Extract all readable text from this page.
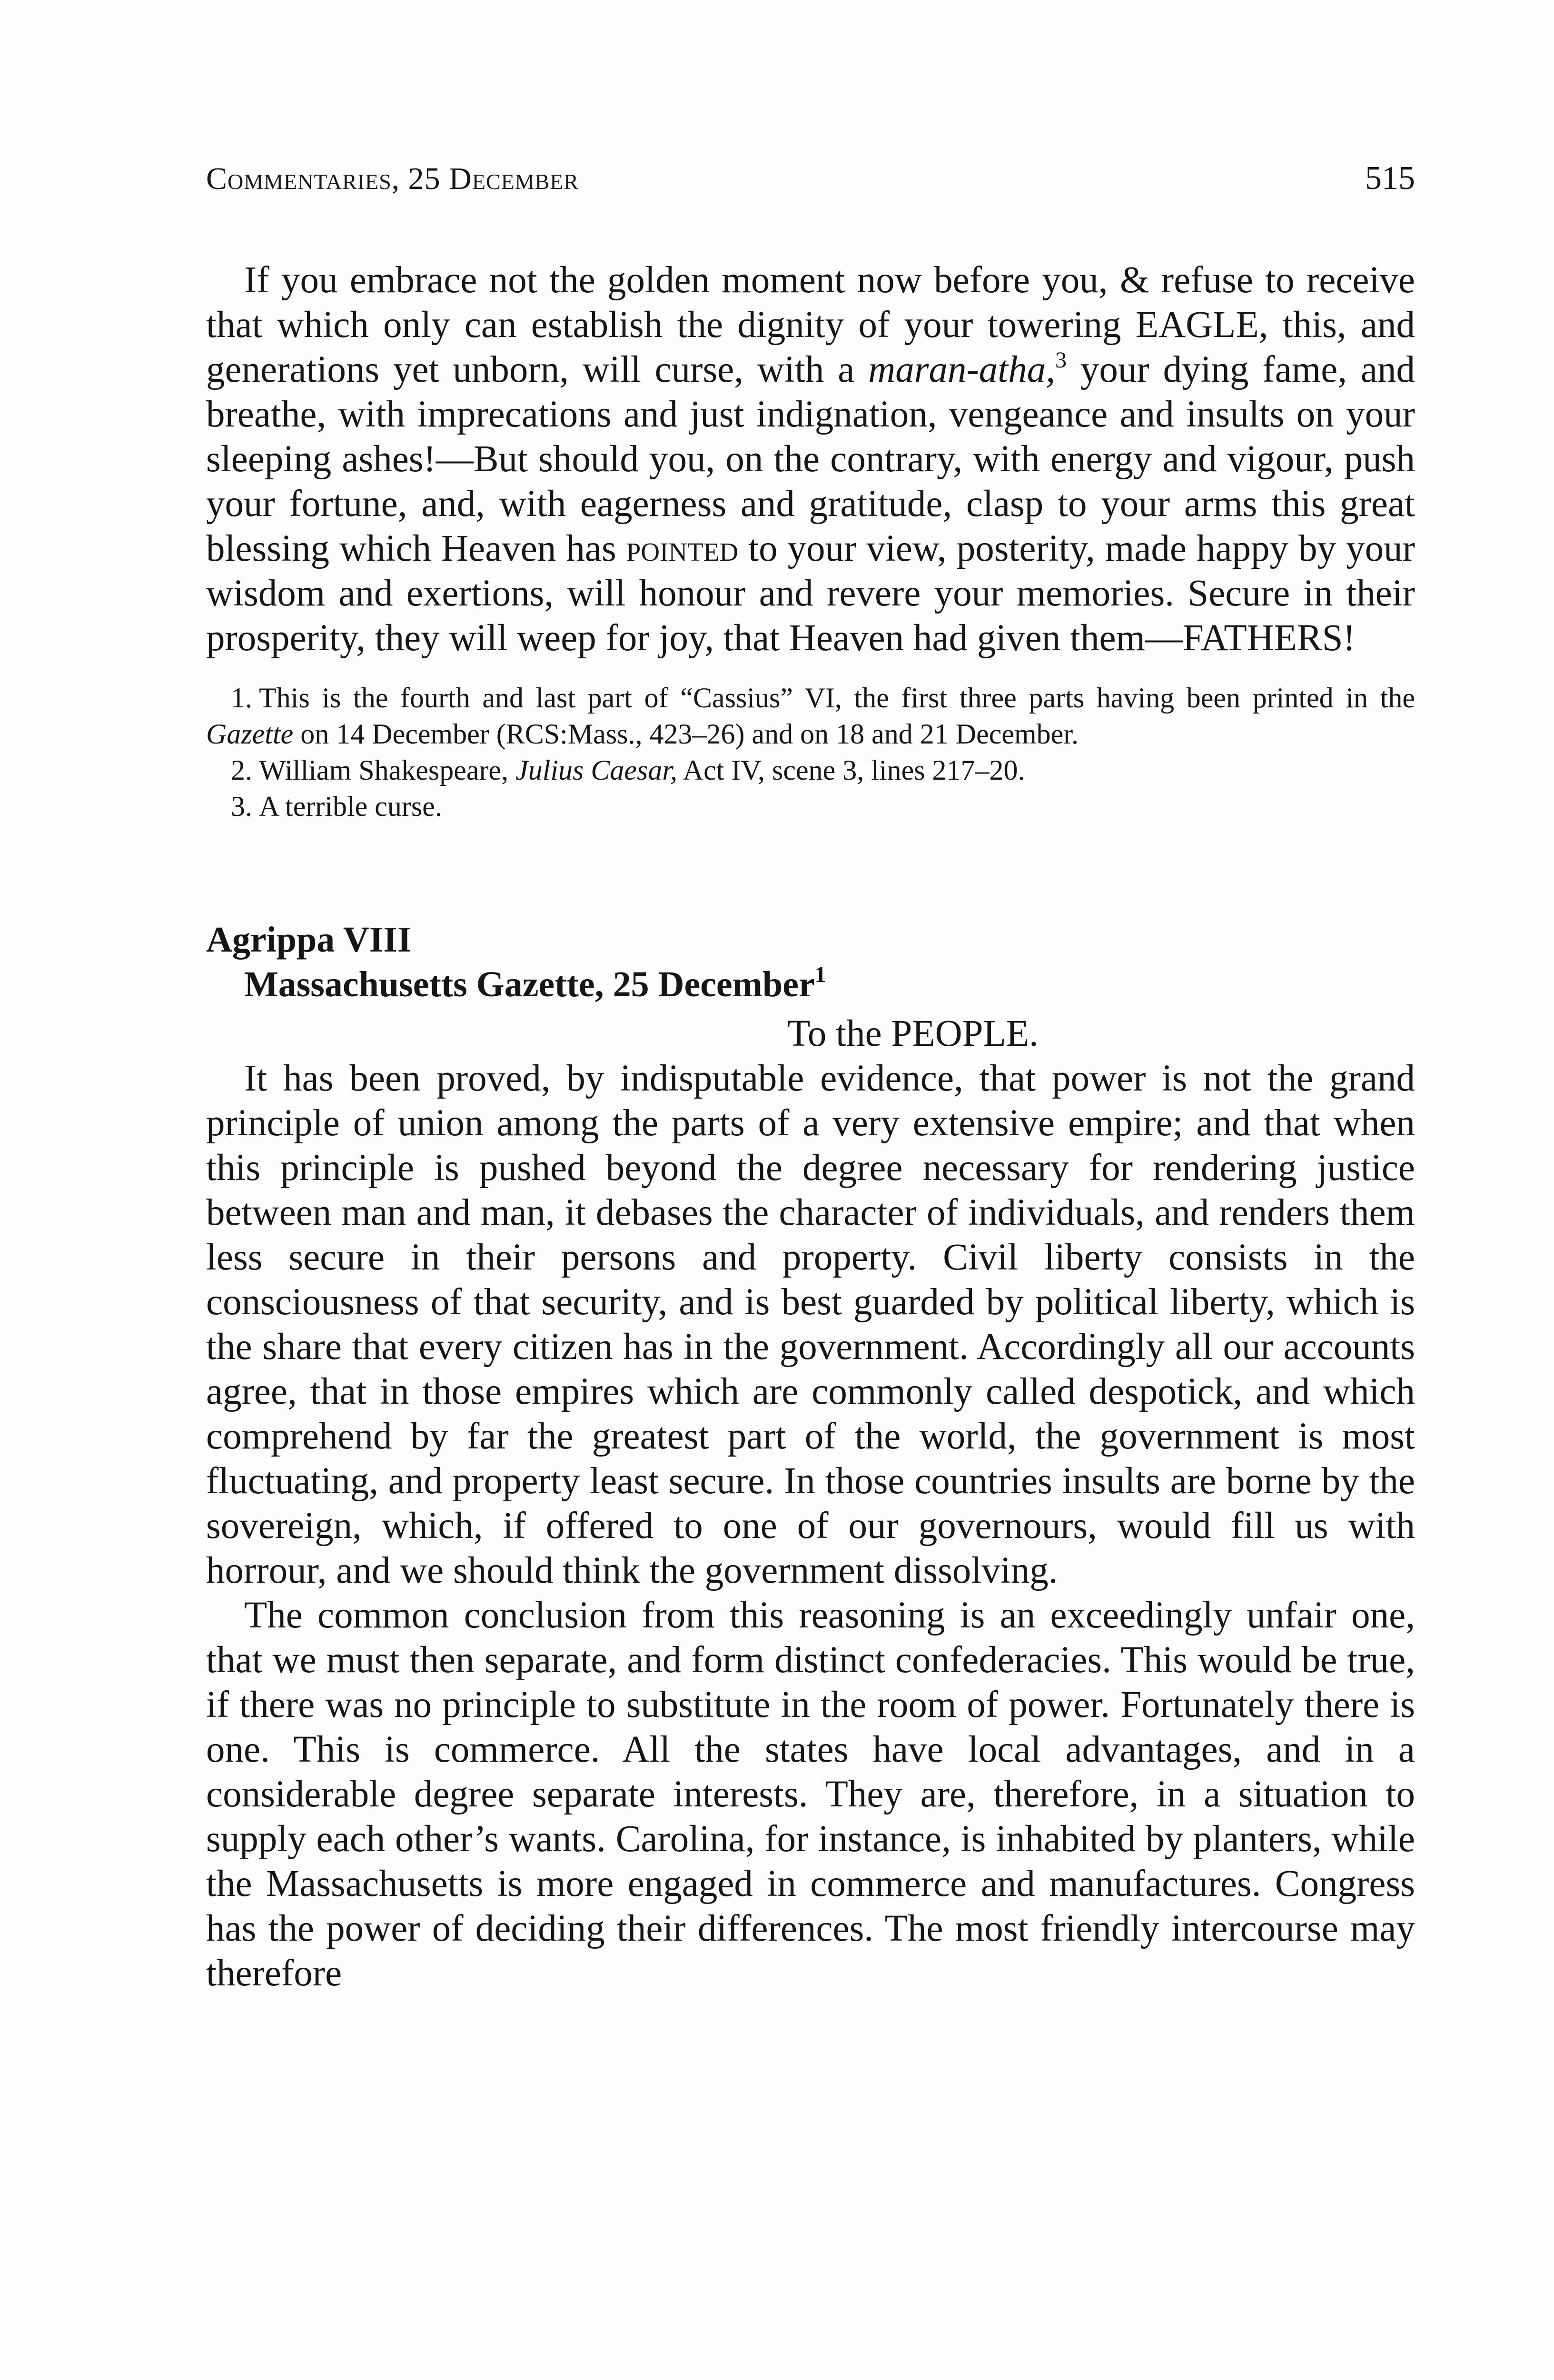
Commentaries, 25 December	515

If you embrace not the golden moment now before you, & refuse to receive that which only can establish the dignity of your towering EAGLE, this, and generations yet unborn, will curse, with a maran-atha,$^3$ your dying fame, and breathe, with imprecations and just indignation, vengeance and insults on your sleeping ashes!—But should you, on the contrary, with energy and vigour, push your fortune, and, with eagerness and gratitude, clasp to your arms this great blessing which Heaven has pointed to your view, posterity, made happy by your wisdom and exertions, will honour and revere your memories. Secure in their prosperity, they will weep for joy, that Heaven had given them—FATHERS!

1. This is the fourth and last part of “Cassius” VI, the first three parts having been printed in the Gazette on 14 December (RCS:Mass., 423–26) and on 18 and 21 December.

2. William Shakespeare, Julius Caesar, Act IV, scene 3, lines 217–20.

3. A terrible curse.

Agrippa VIII
Massachusetts Gazette, 25 December$^1$
To the PEOPLE.

It has been proved, by indisputable evidence, that power is not the grand principle of union among the parts of a very extensive empire; and that when this principle is pushed beyond the degree necessary for rendering justice between man and man, it debases the character of individuals, and renders them less secure in their persons and property. Civil liberty consists in the consciousness of that security, and is best guarded by political liberty, which is the share that every citizen has in the government. Accordingly all our accounts agree, that in those empires which are commonly called despotick, and which comprehend by far the greatest part of the world, the government is most fluctuating, and property least secure. In those countries insults are borne by the sovereign, which, if offered to one of our governours, would fill us with horrour, and we should think the government dissolving.

The common conclusion from this reasoning is an exceedingly unfair one, that we must then separate, and form distinct confederacies. This would be true, if there was no principle to substitute in the room of power. Fortunately there is one. This is commerce. All the states have local advantages, and in a considerable degree separate interests. They are, therefore, in a situation to supply each other’s wants. Carolina, for instance, is inhabited by planters, while the Massachusetts is more engaged in commerce and manufactures. Congress has the power of deciding their differences. The most friendly intercourse may therefore
